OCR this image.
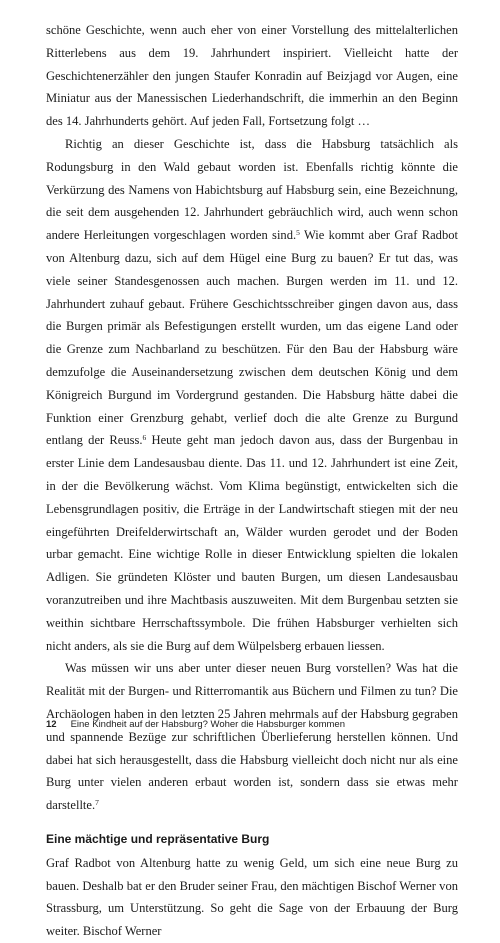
schöne Geschichte, wenn auch eher von einer Vorstellung des mittelalterlichen Ritterlebens aus dem 19. Jahrhundert inspiriert. Vielleicht hatte der Geschichtenerzähler den jungen Staufer Konradin auf Beizjagd vor Augen, eine Miniatur aus der Manessischen Liederhandschrift, die immerhin an den Beginn des 14. Jahrhunderts gehört. Auf jeden Fall, Fortsetzung folgt …

Richtig an dieser Geschichte ist, dass die Habsburg tatsächlich als Rodungsburg in den Wald gebaut worden ist. Ebenfalls richtig könnte die Verkürzung des Namens von Habichtsburg auf Habsburg sein, eine Bezeichnung, die seit dem ausgehenden 12. Jahrhundert gebräuchlich wird, auch wenn schon andere Herleitungen vorgeschlagen worden sind.$^5$ Wie kommt aber Graf Radbot von Altenburg dazu, sich auf dem Hügel eine Burg zu bauen? Er tut das, was viele seiner Standesgenossen auch machen. Burgen werden im 11. und 12. Jahrhundert zuhauf gebaut. Frühere Geschichtsschreiber gingen davon aus, dass die Burgen primär als Befestigungen erstellt wurden, um das eigene Land oder die Grenze zum Nachbarland zu beschützen. Für den Bau der Habsburg wäre demzufolge die Auseinandersetzung zwischen dem deutschen König und dem Königreich Burgund im Vordergrund gestanden. Die Habsburg hätte dabei die Funktion einer Grenzburg gehabt, verlief doch die alte Grenze zu Burgund entlang der Reuss.$^6$ Heute geht man jedoch davon aus, dass der Burgenbau in erster Linie dem Landesausbau diente. Das 11. und 12. Jahrhundert ist eine Zeit, in der die Bevölkerung wächst. Vom Klima begünstigt, entwickelten sich die Lebensgrundlagen positiv, die Erträge in der Landwirtschaft stiegen mit der neu eingeführten Dreifelderwirtschaft an, Wälder wurden gerodet und der Boden urbar gemacht. Eine wichtige Rolle in dieser Entwicklung spielten die lokalen Adligen. Sie gründeten Klöster und bauten Burgen, um diesen Landesausbau voranzutreiben und ihre Machtbasis auszuweiten. Mit dem Burgenbau setzten sie weithin sichtbare Herrschaftssymbole. Die frühen Habsburger verhielten sich nicht anders, als sie die Burg auf dem Wülpelsberg erbauen liessen.

Was müssen wir uns aber unter dieser neuen Burg vorstellen? Was hat die Realität mit der Burgen- und Ritterromantik aus Büchern und Filmen zu tun? Die Archäologen haben in den letzten 25 Jahren mehrmals auf der Habsburg gegraben und spannende Bezüge zur schriftlichen Überlieferung herstellen können. Und dabei hat sich herausgestellt, dass die Habsburg vielleicht doch nicht nur als eine Burg unter vielen anderen erbaut worden ist, sondern dass sie etwas mehr darstellte.$^7$

Eine mächtige und repräsentative Burg

Graf Radbot von Altenburg hatte zu wenig Geld, um sich eine neue Burg zu bauen. Deshalb bat er den Bruder seiner Frau, den mächtigen Bischof Werner von Strassburg, um Unterstützung. So geht die Sage von der Erbauung der Burg weiter. Bischof Werner

12 Eine Kindheit auf der Habsburg? Woher die Habsburger kommen
